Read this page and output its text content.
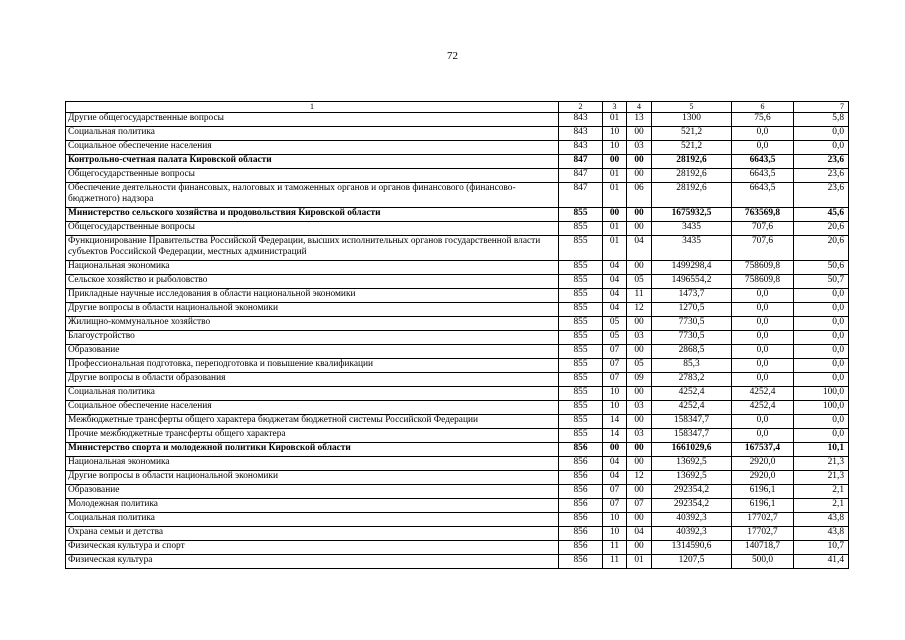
72
1	2	3	4	5	6	7
Другие общегосударственные вопросы	843	01	13	1300	75,6	5,8
Социальная политика	843	10	00	521,2	0,0	0,0
Социальное обеспечение населения	843	10	03	521,2	0,0	0,0
Контрольно-счетная палата Кировской области	847	00	00	28192,6	6643,5	23,6
Общегосударственные вопросы	847	01	00	28192,6	6643,5	23,6
Обеспечение деятельности финансовых, налоговых и таможенных органов и органов финансового (финансово-бюджетного) надзора	847	01	06	28192,6	6643,5	23,6
Министерство сельского хозяйства и продовольствия Кировской области	855	00	00	1675932,5	763569,8	45,6
Общегосударственные вопросы	855	01	00	3435	707,6	20,6
Функционирование Правительства Российской Федерации, высших исполнительных органов государственной власти субъектов Российской Федерации, местных администраций	855	01	04	3435	707,6	20,6
Национальная экономика	855	04	00	1499298,4	758609,8	50,6
Сельское хозяйство и рыболовство	855	04	05	1496554,2	758609,8	50,7
Прикладные научные исследования в области национальной экономики	855	04	11	1473,7	0,0	0,0
Другие вопросы в области национальной экономики	855	04	12	1270,5	0,0	0,0
Жилищно-коммунальное хозяйство	855	05	00	7730,5	0,0	0,0
Благоустройство	855	05	03	7730,5	0,0	0,0
Образование	855	07	00	2868,5	0,0	0,0
Профессиональная подготовка, переподготовка и повышение квалификации	855	07	05	85,3	0,0	0,0
Другие вопросы в области образования	855	07	09	2783,2	0,0	0,0
Социальная политика	855	10	00	4252,4	4252,4	100,0
Социальное обеспечение населения	855	10	03	4252,4	4252,4	100,0
Межбюджетные трансферты общего характера бюджетам бюджетной системы Российской Федерации	855	14	00	158347,7	0,0	0,0
Прочие межбюджетные трансферты общего характера	855	14	03	158347,7	0,0	0,0
Министерство спорта и молодежной политики Кировской области	856	00	00	1661029,6	167537,4	10,1
Национальная экономика	856	04	00	13692,5	2920,0	21,3
Другие вопросы в области национальной экономики	856	04	12	13692,5	2920,0	21,3
Образование	856	07	00	292354,2	6196,1	2,1
Молодежная политика	856	07	07	292354,2	6196,1	2,1
Социальная политика	856	10	00	40392,3	17702,7	43,8
Охрана семьи и детства	856	10	04	40392,3	17702,7	43,8
Физическая культура и спорт	856	11	00	1314590,6	140718,7	10,7
Физическая культура	856	11	01	1207,5	500,0	41,4
